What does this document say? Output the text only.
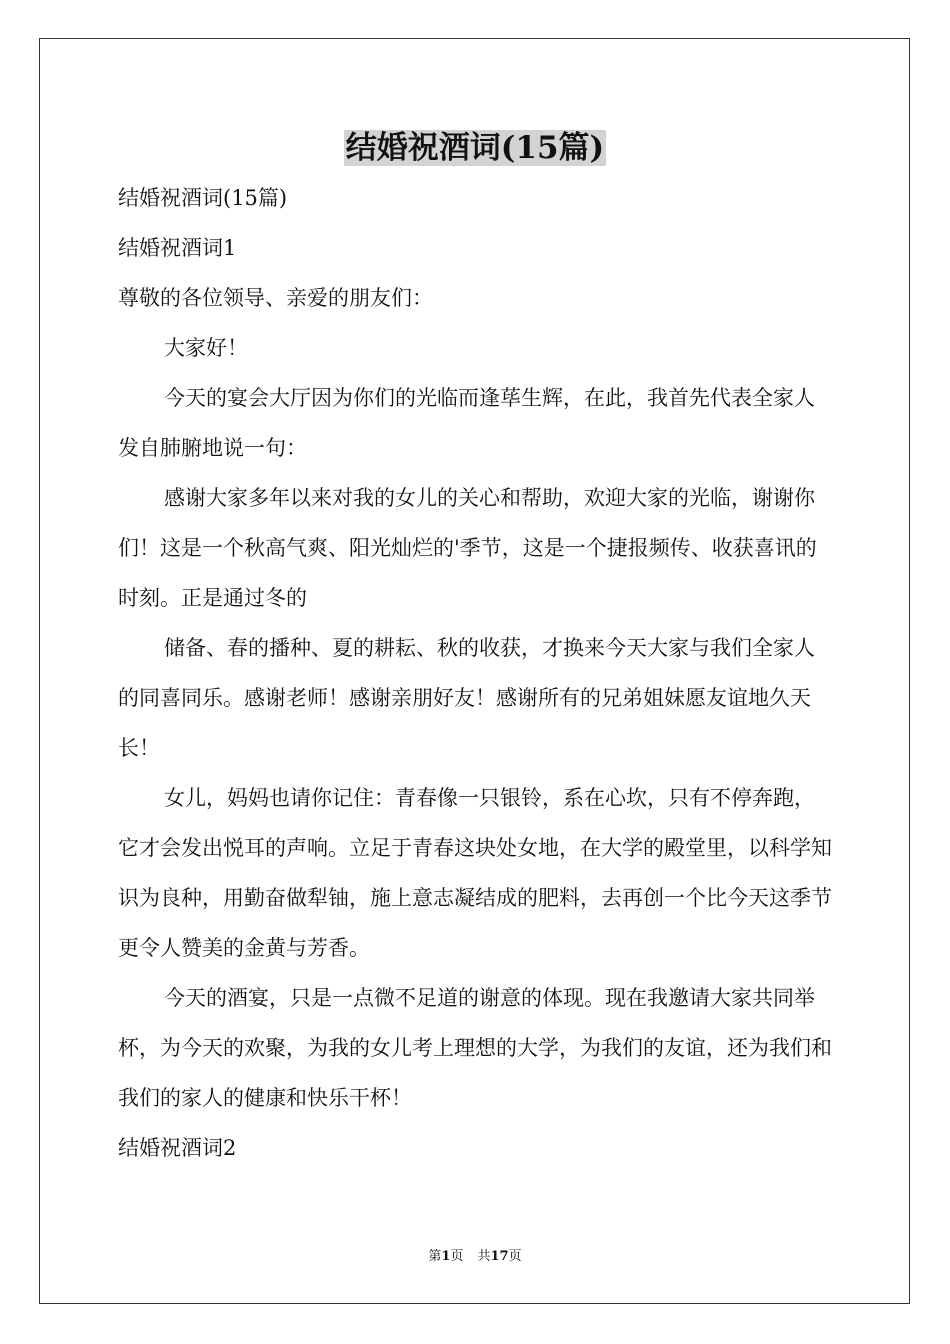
结婚祝酒词(15篇)

结婚祝酒词(15篇)

结婚祝酒词1

尊敬的各位领导、亲爱的朋友们：

大家好！

今天的宴会大厅因为你们的光临而逢荜生辉，在此，我首先代表全家人发自肺腑地说一句：

感谢大家多年以来对我的女儿的关心和帮助，欢迎大家的光临，谢谢你们！这是一个秋高气爽、阳光灿烂的'季节，这是一个捷报频传、收获喜讯的时刻。正是通过冬的

储备、春的播种、夏的耕耘、秋的收获，才换来今天大家与我们全家人的同喜同乐。感谢老师！感谢亲朋好友！感谢所有的兄弟姐妹愿友谊地久天长！

女儿，妈妈也请你记住：青春像一只银铃，系在心坎，只有不停奔跑，它才会发出悦耳的声响。立足于青春这块处女地，在大学的殿堂里，以科学知识为良种，用勤奋做犁铀，施上意志凝结成的肥料，去再创一个比今天这季节更令人赞美的金黄与芳香。

今天的酒宴，只是一点微不足道的谢意的体现。现在我邀请大家共同举杯，为今天的欢聚，为我的女儿考上理想的大学，为我们的友谊，还为我们和我们的家人的健康和快乐干杯！

结婚祝酒词2

第1页 共17页
